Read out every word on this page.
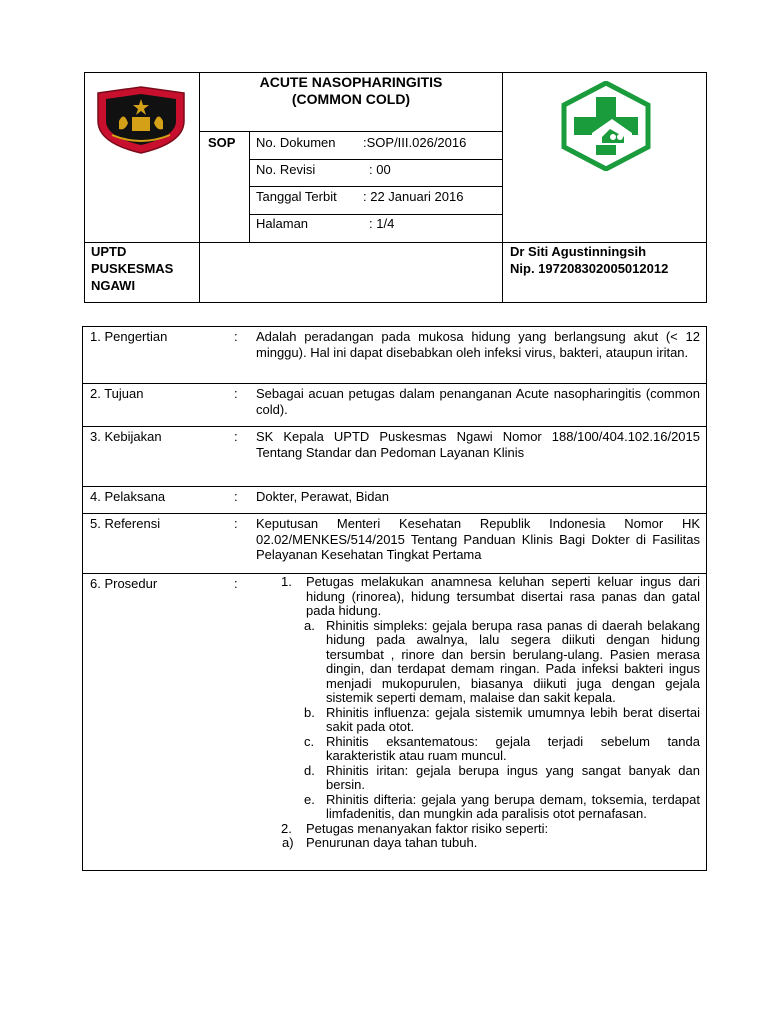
ACUTE NASOPHARINGITIS
(COMMON COLD)
SOP No. Dokumen :SOP/III.026/2016
No. Revisi	: 00
Tanggal Terbit : 22 Januari 2016
Halaman	: 1/4
UPTD
PUSKESMAS
NGAWI
Dr Siti Agustinningsih
Nip. 197208302005012012
1. Pengertian	: Adalah peradangan pada mukosa hidung yang berlangsung akut (< 12 minggu). Hal ini dapat disebabkan oleh infeksi virus, bakteri, ataupun iritan.
2. Tujuan	: Sebagai acuan petugas dalam penanganan Acute nasopharingitis (common cold).
3. Kebijakan	: SK Kepala UPTD Puskesmas Ngawi Nomor 188/100/404.102.16/2015 Tentang Standar dan Pedoman Layanan Klinis
4. Pelaksana	: Dokter, Perawat, Bidan
5. Referensi	: Keputusan Menteri Kesehatan Republik Indonesia Nomor HK 02.02/MENKES/514/2015 Tentang Panduan Klinis Bagi Dokter di Fasilitas Pelayanan Kesehatan Tingkat Pertama
6. Prosedur	:	1. Petugas melakukan anamnesa keluhan seperti keluar ingus dari hidung (rinorea), hidung tersumbat disertai rasa panas dan gatal pada hidung.
a. Rhinitis simpleks: gejala berupa rasa panas di daerah belakang hidung pada awalnya, lalu segera diikuti dengan hidung tersumbat , rinore dan bersin berulang-ulang. Pasien merasa dingin, dan terdapat demam ringan. Pada infeksi bakteri ingus menjadi mukopurulen, biasanya diikuti juga dengan gejala sistemik seperti demam, malaise dan sakit kepala.
b. Rhinitis influenza: gejala sistemik umumnya lebih berat disertai sakit pada otot.
c. Rhinitis eksantematous: gejala terjadi sebelum tanda karakteristik atau ruam muncul.
d. Rhinitis iritan: gejala berupa ingus yang sangat banyak dan bersin.
e. Rhinitis difteria: gejala yang berupa demam, toksemia, terdapat limfadenitis, dan mungkin ada paralisis otot pernafasan.
2. Petugas menanyakan faktor risiko seperti:
a) Penurunan daya tahan tubuh.
